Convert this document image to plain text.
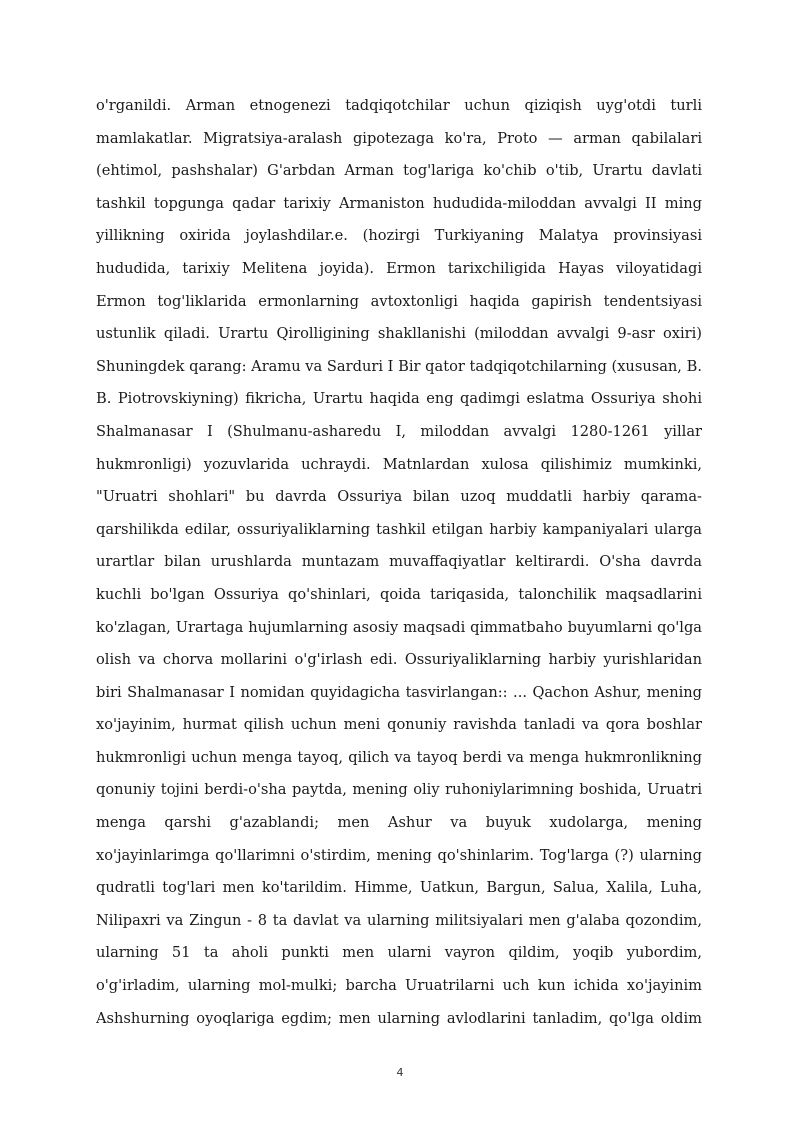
o'rganildi. Arman etnogenezi tadqiqotchilar uchun qiziqish uyg'otdi turli
mamlakatlar. Migratsiya-aralash gipotezaga ko'ra, Proto — arman qabilalari
(ehtimol, pashshalar) G'arbdan Arman tog'lariga ko'chib o'tib, Urartu davlati
tashkil topgunga qadar tarixiy Armaniston hududida-miloddan avvalgi II ming
yillikning oxirida joylashdilar.e. (hozirgi Turkiyaning Malatya provinsiyasi
hududida, tarixiy Melitena joyida). Ermon tarixchiligida Hayas viloyatidagi
Ermon tog'liklarida ermonlarning avtoxtonligi haqida gapirish tendentsiyasi
ustunlik qiladi. Urartu Qirolligining shakllanishi (miloddan avvalgi 9-asr oxiri)
Shuningdek qarang: Aramu va Sarduri I Bir qator tadqiqotchilarning (xususan, B.
B. Piotrovskiyning) fikricha, Urartu haqida eng qadimgi eslatma Ossuriya shohi
Shalmanasar I (Shulmanu-asharedu I, miloddan avvalgi 1280-1261 yillar
hukmronligi) yozuvlarida uchraydi. Matnlardan xulosa qilishimiz mumkinki,
"Uruatri shohlari" bu davrda Ossuriya bilan uzoq muddatli harbiy qarama-
qarshilikda edilar, ossuriyaliklarning tashkil etilgan harbiy kampaniyalari ularga
urartlar bilan urushlarda muntazam muvaffaqiyatlar keltirardi. O'sha davrda
kuchli bo'lgan Ossuriya qo'shinlari, qoida tariqasida, talonchilik maqsadlarini
ko'zlagan, Urartaga hujumlarning asosiy maqsadi qimmatbaho buyumlarni qo'lga
olish va chorva mollarini o'g'irlash edi. Ossuriyaliklarning harbiy yurishlaridan
biri Shalmanasar I nomidan quyidagicha tasvirlangan:: ... Qachon Ashur, mening
xo'jayinim, hurmat qilish uchun meni qonuniy ravishda tanladi va qora boshlar
hukmronligi uchun menga tayoq, qilich va tayoq berdi va menga hukmronlikning
qonuniy tojini berdi-o'sha paytda, mening oliy ruhoniylarimning boshida, Uruatri
menga qarshi g'azablandi; men Ashur va buyuk xudolarga, mening
xo'jayinlarimga qo'llarimni o'stirdim, mening qo'shinlarim. Tog'larga (?) ularning
qudratli tog'lari men ko'tarildim. Himme, Uatkun, Bargun, Salua, Xalila, Luha,
Nilipaxri va Zingun - 8 ta davlat va ularning militsiyalari men g'alaba qozondim,
ularning 51 ta aholi punkti men ularni vayron qildim, yoqib yubordim,
o'g'irladim, ularning mol-mulki; barcha Uruatrilarni uch kun ichida xo'jayinim
Ashshurning oyoqlariga egdim; men ularning avlodlarini tanladim, qo'lga oldim
4
